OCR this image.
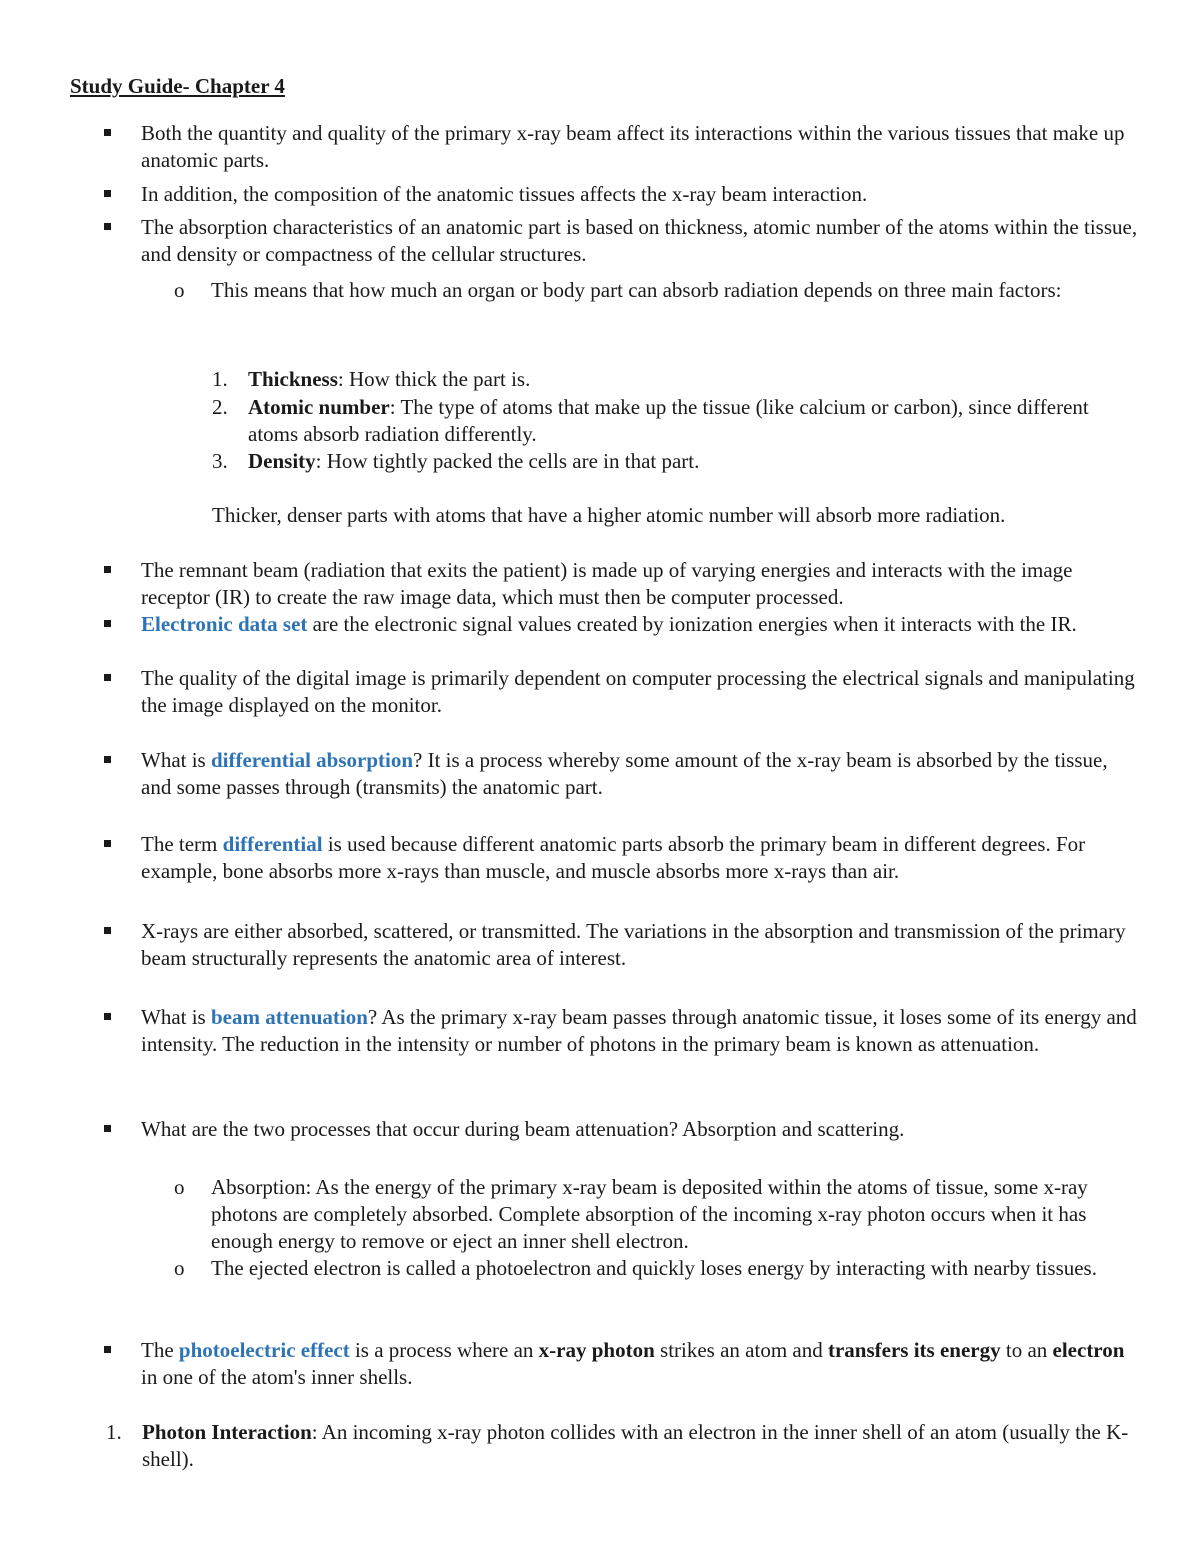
Study Guide- Chapter 4
Both the quantity and quality of the primary x-ray beam affect its interactions within the various tissues that make up anatomic parts.
In addition, the composition of the anatomic tissues affects the x-ray beam interaction.
The absorption characteristics of an anatomic part is based on thickness, atomic number of the atoms within the tissue, and density or compactness of the cellular structures.
o This means that how much an organ or body part can absorb radiation depends on three main factors:
1. Thickness: How thick the part is.
2. Atomic number: The type of atoms that make up the tissue (like calcium or carbon), since different atoms absorb radiation differently.
3. Density: How tightly packed the cells are in that part.
Thicker, denser parts with atoms that have a higher atomic number will absorb more radiation.
The remnant beam (radiation that exits the patient) is made up of varying energies and interacts with the image receptor (IR) to create the raw image data, which must then be computer processed.
Electronic data set are the electronic signal values created by ionization energies when it interacts with the IR.
The quality of the digital image is primarily dependent on computer processing the electrical signals and manipulating the image displayed on the monitor.
What is differential absorption? It is a process whereby some amount of the x-ray beam is absorbed by the tissue, and some passes through (transmits) the anatomic part.
The term differential is used because different anatomic parts absorb the primary beam in different degrees. For example, bone absorbs more x-rays than muscle, and muscle absorbs more x-rays than air.
X-rays are either absorbed, scattered, or transmitted. The variations in the absorption and transmission of the primary beam structurally represents the anatomic area of interest.
What is beam attenuation? As the primary x-ray beam passes through anatomic tissue, it loses some of its energy and intensity. The reduction in the intensity or number of photons in the primary beam is known as attenuation.
What are the two processes that occur during beam attenuation? Absorption and scattering.
o Absorption: As the energy of the primary x-ray beam is deposited within the atoms of tissue, some x-ray photons are completely absorbed. Complete absorption of the incoming x-ray photon occurs when it has enough energy to remove or eject an inner shell electron.
o The ejected electron is called a photoelectron and quickly loses energy by interacting with nearby tissues.
The photoelectric effect is a process where an x-ray photon strikes an atom and transfers its energy to an electron in one of the atom's inner shells.
1. Photon Interaction: An incoming x-ray photon collides with an electron in the inner shell of an atom (usually the K-shell).
